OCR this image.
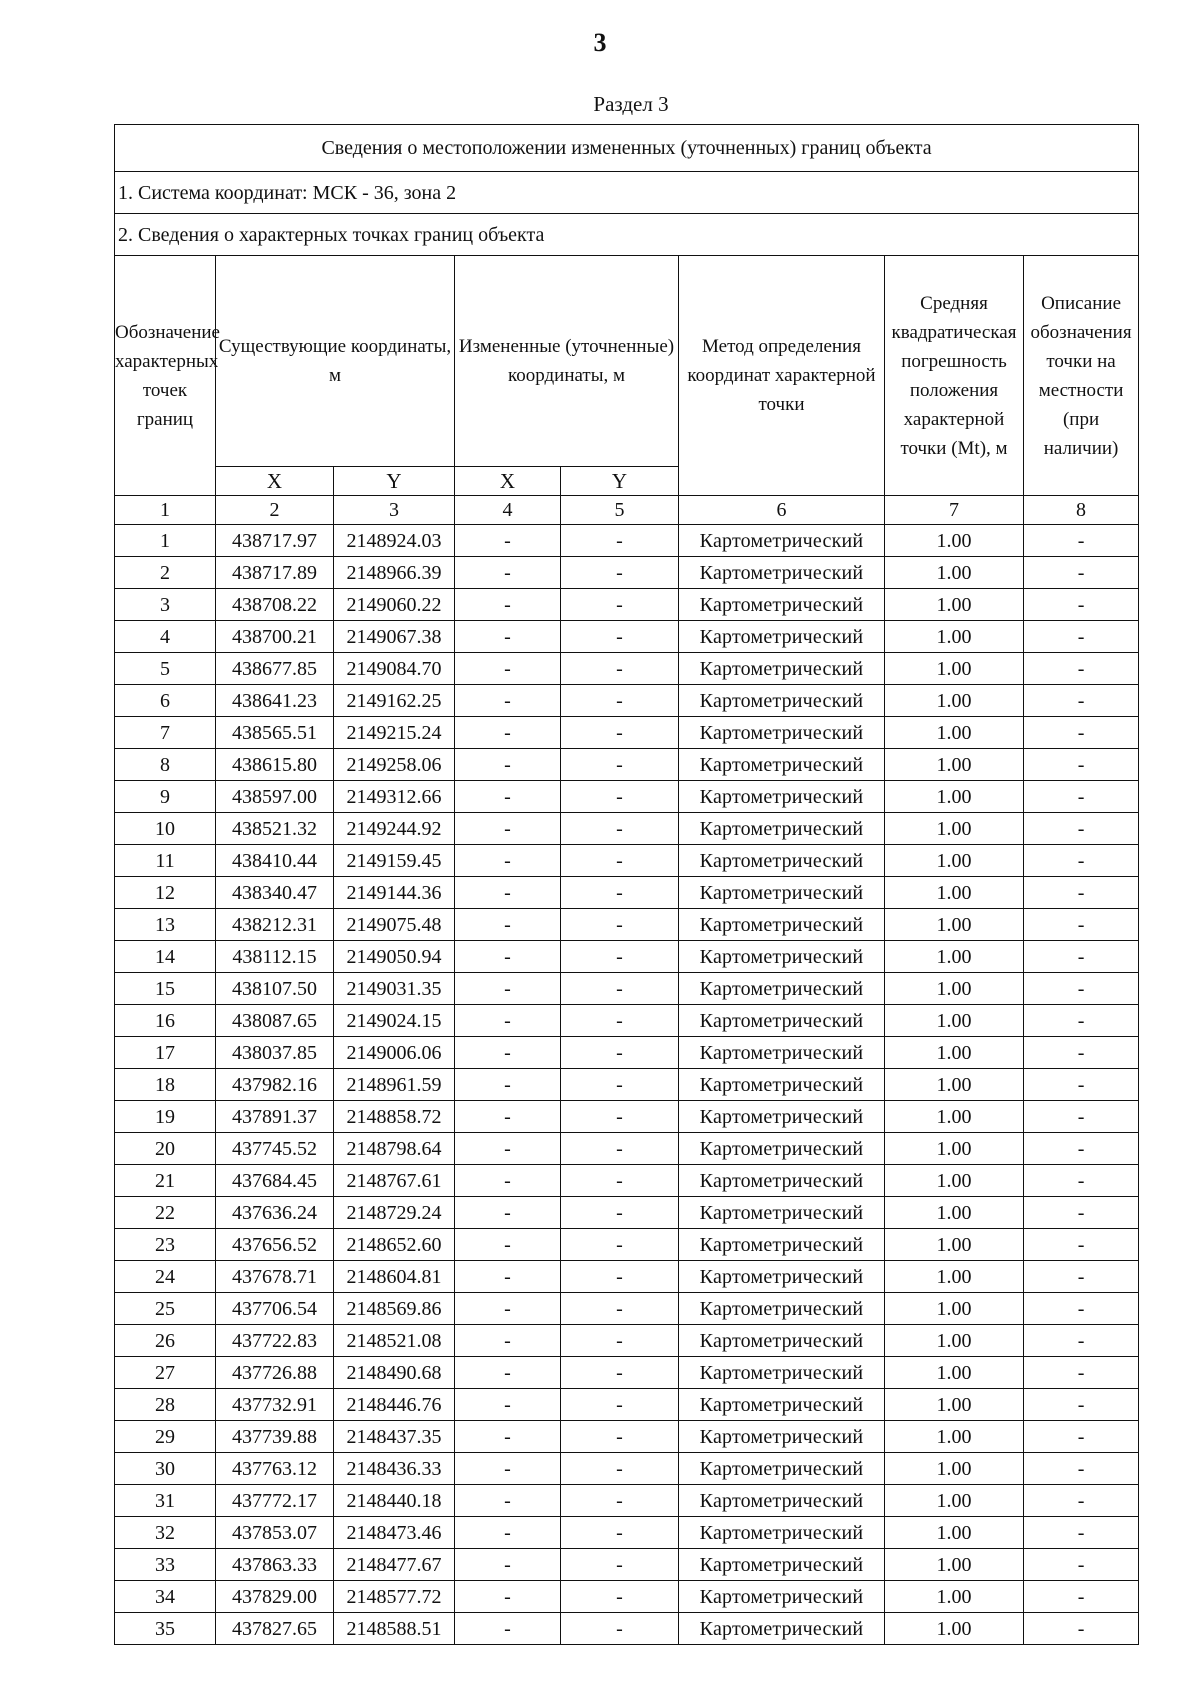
3
Раздел 3
Сведения о местоположении измененных (уточненных) границ объекта							
1. Система координат: МСК - 36, зона 2							
2. Сведения о характерных точках границ объекта							
Обозначение характерных точек границ	Существующие координаты, м		Измененные (уточненные) координаты, м		Метод определения координат характерной точки	Средняя квадратическая погрешность положения характерной точки (Mt), м	Описание обозначения точки на местности (при наличии)
	X	Y	X	Y			
1	2	3	4	5	6	7	8
1	438717.97	2148924.03	-	-	Картометрический	1.00	-
2	438717.89	2148966.39	-	-	Картометрический	1.00	-
3	438708.22	2149060.22	-	-	Картометрический	1.00	-
4	438700.21	2149067.38	-	-	Картометрический	1.00	-
5	438677.85	2149084.70	-	-	Картометрический	1.00	-
6	438641.23	2149162.25	-	-	Картометрический	1.00	-
7	438565.51	2149215.24	-	-	Картометрический	1.00	-
8	438615.80	2149258.06	-	-	Картометрический	1.00	-
9	438597.00	2149312.66	-	-	Картометрический	1.00	-
10	438521.32	2149244.92	-	-	Картометрический	1.00	-
11	438410.44	2149159.45	-	-	Картометрический	1.00	-
12	438340.47	2149144.36	-	-	Картометрический	1.00	-
13	438212.31	2149075.48	-	-	Картометрический	1.00	-
14	438112.15	2149050.94	-	-	Картометрический	1.00	-
15	438107.50	2149031.35	-	-	Картометрический	1.00	-
16	438087.65	2149024.15	-	-	Картометрический	1.00	-
17	438037.85	2149006.06	-	-	Картометрический	1.00	-
18	437982.16	2148961.59	-	-	Картометрический	1.00	-
19	437891.37	2148858.72	-	-	Картометрический	1.00	-
20	437745.52	2148798.64	-	-	Картометрический	1.00	-
21	437684.45	2148767.61	-	-	Картометрический	1.00	-
22	437636.24	2148729.24	-	-	Картометрический	1.00	-
23	437656.52	2148652.60	-	-	Картометрический	1.00	-
24	437678.71	2148604.81	-	-	Картометрический	1.00	-
25	437706.54	2148569.86	-	-	Картометрический	1.00	-
26	437722.83	2148521.08	-	-	Картометрический	1.00	-
27	437726.88	2148490.68	-	-	Картометрический	1.00	-
28	437732.91	2148446.76	-	-	Картометрический	1.00	-
29	437739.88	2148437.35	-	-	Картометрический	1.00	-
30	437763.12	2148436.33	-	-	Картометрический	1.00	-
31	437772.17	2148440.18	-	-	Картометрический	1.00	-
32	437853.07	2148473.46	-	-	Картометрический	1.00	-
33	437863.33	2148477.67	-	-	Картометрический	1.00	-
34	437829.00	2148577.72	-	-	Картометрический	1.00	-
35	437827.65	2148588.51	-	-	Картометрический	1.00	-
